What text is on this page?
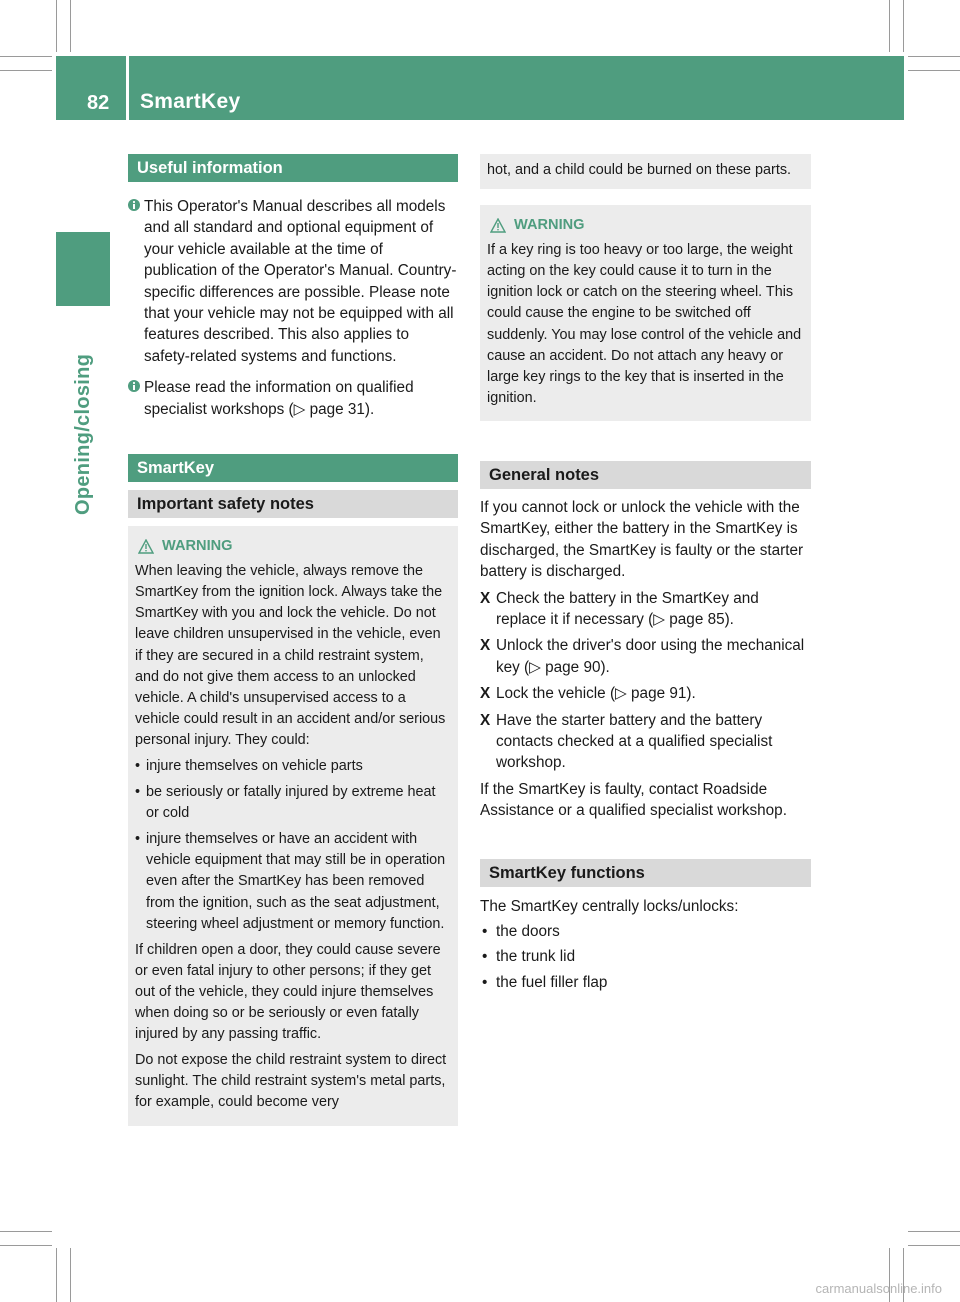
82 SmartKey
Opening/closing
Useful information
This Operator's Manual describes all models and all standard and optional equipment of your vehicle available at the time of publication of the Operator's Manual. Country-specific differences are possible. Please note that your vehicle may not be equipped with all features described. This also applies to safety-related systems and functions.
Please read the information on qualified specialist workshops (▷ page 31).
SmartKey
Important safety notes
WARNING

When leaving the vehicle, always remove the SmartKey from the ignition lock. Always take the SmartKey with you and lock the vehicle. Do not leave children unsupervised in the vehicle, even if they are secured in a child restraint system, and do not give them access to an unlocked vehicle. A child's unsupervised access to a vehicle could result in an accident and/or serious personal injury. They could:

• injure themselves on vehicle parts
• be seriously or fatally injured by extreme heat or cold
• injure themselves or have an accident with vehicle equipment that may still be in operation even after the SmartKey has been removed from the ignition, such as the seat adjustment, steering wheel adjustment or memory function.

If children open a door, they could cause severe or even fatal injury to other persons; if they get out of the vehicle, they could injure themselves when doing so or be seriously or even fatally injured by any passing traffic.

Do not expose the child restraint system to direct sunlight. The child restraint system's metal parts, for example, could become very

hot, and a child could be burned on these parts.

WARNING

If a key ring is too heavy or too large, the weight acting on the key could cause it to turn in the ignition lock or catch on the steering wheel. This could cause the engine to be switched off suddenly. You may lose control of the vehicle and cause an accident. Do not attach any heavy or large key rings to the key that is inserted in the ignition.

General notes
If you cannot lock or unlock the vehicle with the SmartKey, either the battery in the SmartKey is discharged, the SmartKey is faulty or the starter battery is discharged.
X Check the battery in the SmartKey and replace it if necessary (▷ page 85).
X Unlock the driver's door using the mechanical key (▷ page 90).
X Lock the vehicle (▷ page 91).
X Have the starter battery and the battery contacts checked at a qualified specialist workshop.
If the SmartKey is faulty, contact Roadside Assistance or a qualified specialist workshop.
SmartKey functions
The SmartKey centrally locks/unlocks:
• the doors
• the trunk lid
• the fuel filler flap
carmanualsonline.info
